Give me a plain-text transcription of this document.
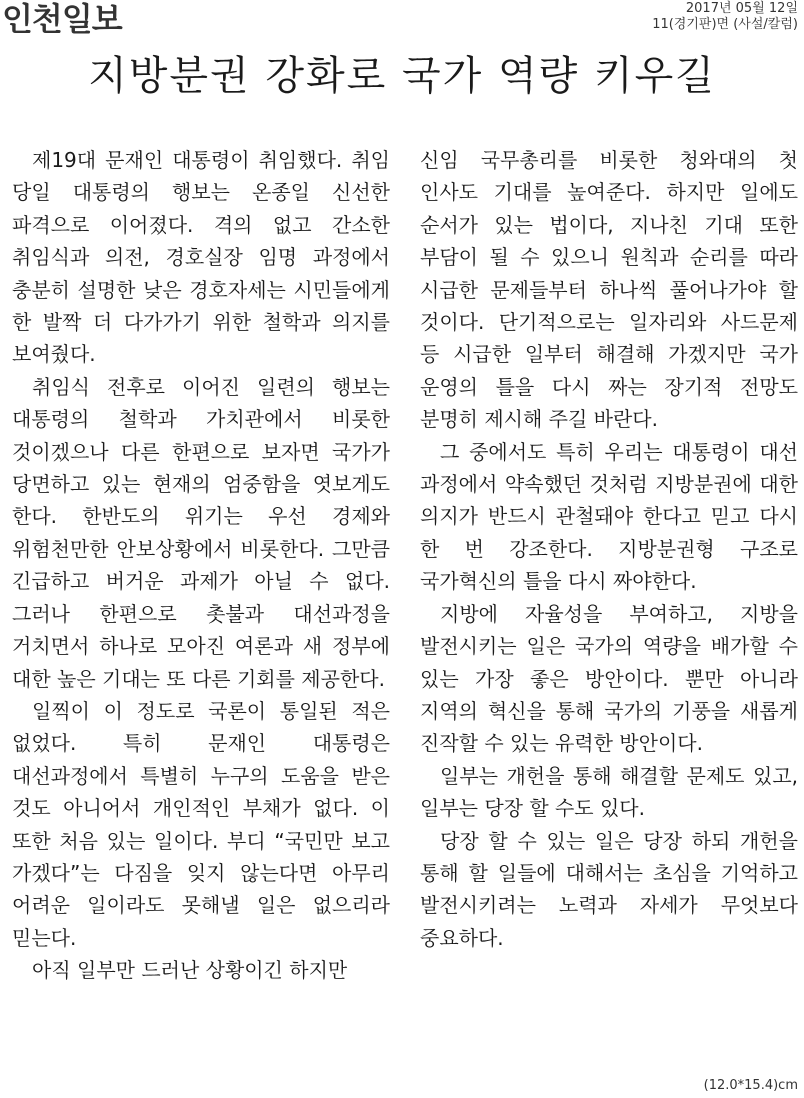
인천일보	2017년 05월 12일
11(경기판)면 (사설/칼럼)
지방분권 강화로 국가 역량 키우길

제19대 문재인 대통령이 취임했다. 취임 당일 대통령의 행보는 온종일 신선한 파격으로 이어졌다. 격의 없고 간소한 취임식과 의전, 경호실장 임명 과정에서 충분히 설명한 낮은 경호자세는 시민들에게 한 발짝 더 다가가기 위한 철학과 의지를 보여줬다.

취임식 전후로 이어진 일련의 행보는 대통령의 철학과 가치관에서 비롯한 것이겠으나 다른 한편으로 보자면 국가가 당면하고 있는 현재의 엄중함을 엿보게도 한다. 한반도의 위기는 우선 경제와 위험천만한 안보상황에서 비롯한다. 그만큼 긴급하고 버거운 과제가 아닐 수 없다. 그러나 한편으로 촛불과 대선과정을 거치면서 하나로 모아진 여론과 새 정부에 대한 높은 기대는 또 다른 기회를 제공한다.

일찍이 이 정도로 국론이 통일된 적은 없었다. 특히 문재인 대통령은 대선과정에서 특별히 누구의 도움을 받은 것도 아니어서 개인적인 부채가 없다. 이 또한 처음 있는 일이다. 부디 “국민만 보고 가겠다”는 다짐을 잊지 않는다면 아무리 어려운 일이라도 못해낼 일은 없으리라 믿는다.

아직 일부만 드러난 상황이긴 하지만

신임 국무총리를 비롯한 청와대의 첫 인사도 기대를 높여준다. 하지만 일에도 순서가 있는 법이다, 지나친 기대 또한 부담이 될 수 있으니 원칙과 순리를 따라 시급한 문제들부터 하나씩 풀어나가야 할 것이다. 단기적으로는 일자리와 사드문제 등 시급한 일부터 해결해 가겠지만 국가 운영의 틀을 다시 짜는 장기적 전망도 분명히 제시해 주길 바란다.

그 중에서도 특히 우리는 대통령이 대선 과정에서 약속했던 것처럼 지방분권에 대한 의지가 반드시 관철돼야 한다고 믿고 다시 한 번 강조한다. 지방분권형 구조로 국가혁신의 틀을 다시 짜야한다.

지방에 자율성을 부여하고, 지방을 발전시키는 일은 국가의 역량을 배가할 수 있는 가장 좋은 방안이다. 뿐만 아니라 지역의 혁신을 통해 국가의 기풍을 새롭게 진작할 수 있는 유력한 방안이다.

일부는 개헌을 통해 해결할 문제도 있고, 일부는 당장 할 수도 있다.

당장 할 수 있는 일은 당장 하되 개헌을 통해 할 일들에 대해서는 초심을 기억하고 발전시키려는 노력과 자세가 무엇보다 중요하다.

(12.0*15.4)cm
